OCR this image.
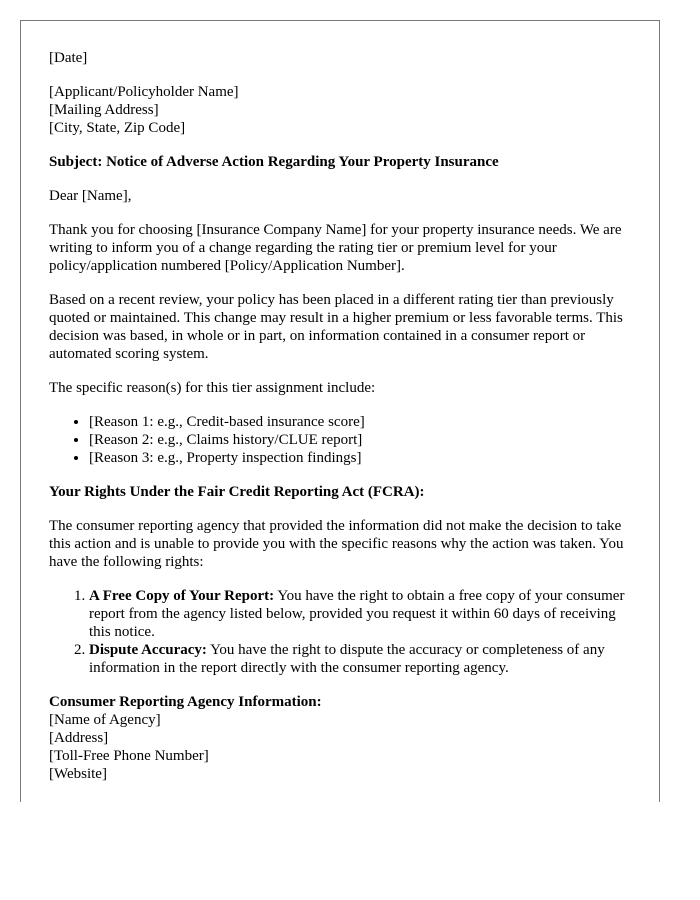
[Date]

[Applicant/Policyholder Name]
[Mailing Address]
[City, State, Zip Code]

Subject: Notice of Adverse Action Regarding Your Property Insurance

Dear [Name],

Thank you for choosing [Insurance Company Name] for your property insurance needs. We are writing to inform you of a change regarding the rating tier or premium level for your policy/application numbered [Policy/Application Number].

Based on a recent review, your policy has been placed in a different rating tier than previously quoted or maintained. This change may result in a higher premium or less favorable terms. This decision was based, in whole or in part, on information contained in a consumer report or automated scoring system.

The specific reason(s) for this tier assignment include:

• [Reason 1: e.g., Credit-based insurance score]
• [Reason 2: e.g., Claims history/CLUE report]
• [Reason 3: e.g., Property inspection findings]

Your Rights Under the Fair Credit Reporting Act (FCRA):

The consumer reporting agency that provided the information did not make the decision to take this action and is unable to provide you with the specific reasons why the action was taken. You have the following rights:

1. A Free Copy of Your Report: You have the right to obtain a free copy of your consumer report from the agency listed below, provided you request it within 60 days of receiving this notice.
2. Dispute Accuracy: You have the right to dispute the accuracy or completeness of any information in the report directly with the consumer reporting agency.
Consumer Reporting Agency Information:
[Name of Agency]
[Address]
[Toll-Free Phone Number]
[Website]
